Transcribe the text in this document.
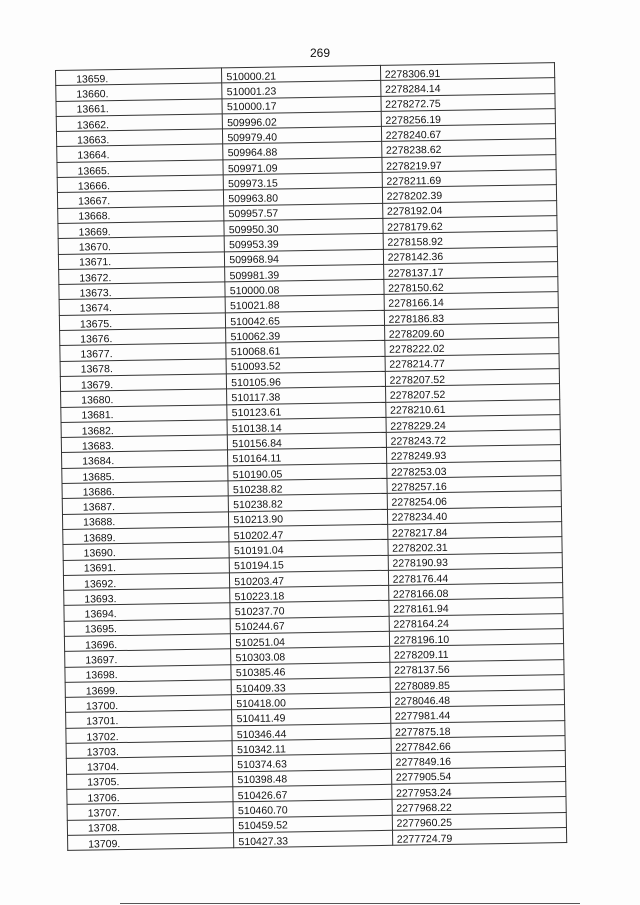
269
13659.	510000.21	2278306.91
13660.	510001.23	2278284.14
13661.	510000.17	2278272.75
13662.	509996.02	2278256.19
13663.	509979.40	2278240.67
13664.	509964.88	2278238.62
13665.	509971.09	2278219.97
13666.	509973.15	2278211.69
13667.	509963.80	2278202.39
13668.	509957.57	2278192.04
13669.	509950.30	2278179.62
13670.	509953.39	2278158.92
13671.	509968.94	2278142.36
13672.	509981.39	2278137.17
13673.	510000.08	2278150.62
13674.	510021.88	2278166.14
13675.	510042.65	2278186.83
13676.	510062.39	2278209.60
13677.	510068.61	2278222.02
13678.	510093.52	2278214.77
13679.	510105.96	2278207.52
13680.	510117.38	2278207.52
13681.	510123.61	2278210.61
13682.	510138.14	2278229.24
13683.	510156.84	2278243.72
13684.	510164.11	2278249.93
13685.	510190.05	2278253.03
13686.	510238.82	2278257.16
13687.	510238.82	2278254.06
13688.	510213.90	2278234.40
13689.	510202.47	2278217.84
13690.	510191.04	2278202.31
13691.	510194.15	2278190.93
13692.	510203.47	2278176.44
13693.	510223.18	2278166.08
13694.	510237.70	2278161.94
13695.	510244.67	2278164.24
13696.	510251.04	2278196.10
13697.	510303.08	2278209.11
13698.	510385.46	2278137.56
13699.	510409.33	2278089.85
13700.	510418.00	2278046.48
13701.	510411.49	2277981.44
13702.	510346.44	2277875.18
13703.	510342.11	2277842.66
13704.	510374.63	2277849.16
13705.	510398.48	2277905.54
13706.	510426.67	2277953.24
13707.	510460.70	2277968.22
13708.	510459.52	2277960.25
13709.	510427.33	2277724.79
